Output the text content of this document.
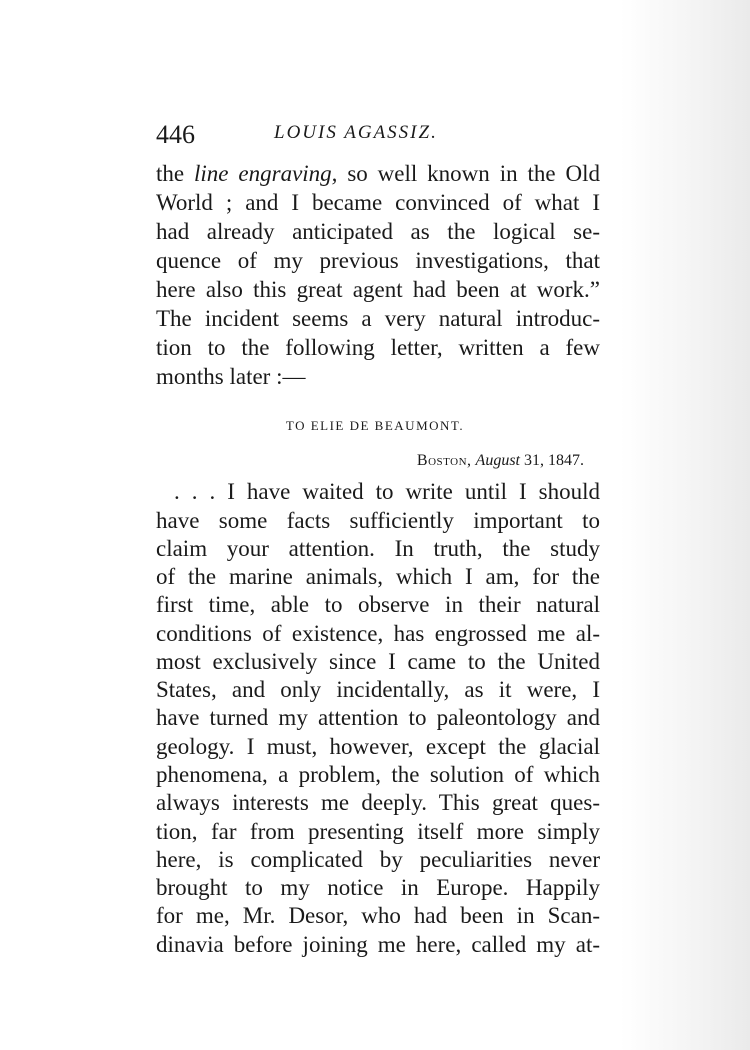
446	LOUIS AGASSIZ.
the line engraving, so well known in the Old
World ; and I became convinced of what I
had already anticipated as the logical se-
quence of my previous investigations, that
here also this great agent had been at work.”
The incident seems a very natural introduc-
tion to the following letter, written a few
months later :—
TO ELIE DE BEAUMONT.
Boston, August 31, 1847.
. . . I have waited to write until I should
have some facts sufficiently important to
claim your attention. In truth, the study
of the marine animals, which I am, for the
first time, able to observe in their natural
conditions of existence, has engrossed me al-
most exclusively since I came to the United
States, and only incidentally, as it were, I
have turned my attention to paleontology and
geology. I must, however, except the glacial
phenomena, a problem, the solution of which
always interests me deeply. This great ques-
tion, far from presenting itself more simply
here, is complicated by peculiarities never
brought to my notice in Europe. Happily
for me, Mr. Desor, who had been in Scan-
dinavia before joining me here, called my at-
